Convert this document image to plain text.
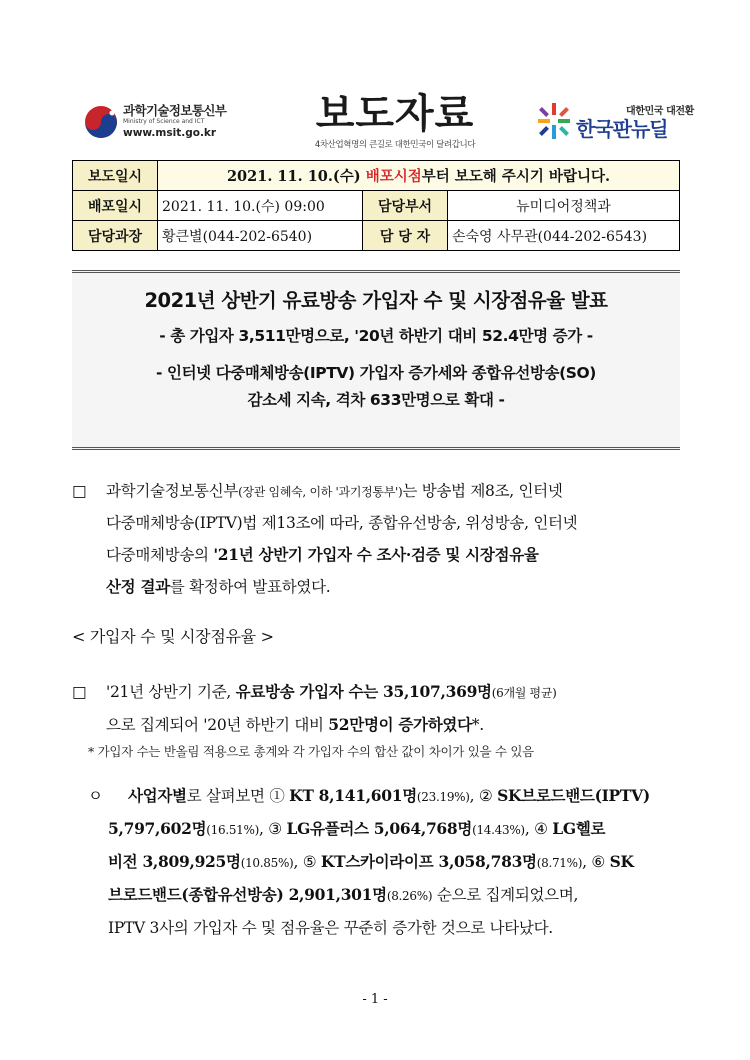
과학기술정보통신부
Ministry of Science and ICT
www.msit.go.kr	보도자료
4차산업혁명의 큰길로 대한민국이 달려갑니다
대한민국 대전환
한국판뉴딜
보도일시	2021. 11. 10.(수) 배포시점부터 보도해 주시기 바랍니다.		
배포일시	2021. 11. 10.(수) 09:00	담당부서	뉴미디어정책과
담당과장	황큰별(044-202-6540)	담 당 자	손숙영 사무관(044-202-6543)
2021년 상반기 유료방송 가입자 수 및 시장점유율 발표
- 총 가입자 3,511만명으로, '20년 하반기 대비 52.4만명 증가 -
- 인터넷 다중매체방송(IPTV) 가입자 증가세와 종합유선방송(SO)
감소세 지속, 격차 633만명으로 확대 -
□ 과학기술정보통신부(장관 임혜숙, 이하 '과기정통부')는 방송법 제8조, 인터넷
다중매체방송(IPTV)법 제13조에 따라, 종합유선방송, 위성방송, 인터넷
다중매체방송의 '21년 상반기 가입자 수 조사·검증 및 시장점유율
산정 결과를 확정하여 발표하였다.
< 가입자 수 및 시장점유율 >
□ '21년 상반기 기준, 유료방송 가입자 수는 35,107,369명(6개월 평균)
으로 집계되어 '20년 하반기 대비 52만명이 증가하였다*.
* 가입자 수는 반올림 적용으로 총계와 각 가입자 수의 합산 값이 차이가 있을 수 있음
ㅇ 사업자별로 살펴보면 ① KT 8,141,601명(23.19%), ② SK브로드밴드(IPTV)
5,797,602명(16.51%), ③ LG유플러스 5,064,768명(14.43%), ④ LG헬로
비전 3,809,925명(10.85%), ⑤ KT스카이라이프 3,058,783명(8.71%), ⑥ SK
브로드밴드(종합유선방송) 2,901,301명(8.26%) 순으로 집계되었으며,
IPTV 3사의 가입자 수 및 점유율은 꾸준히 증가한 것으로 나타났다.
- 1 -
